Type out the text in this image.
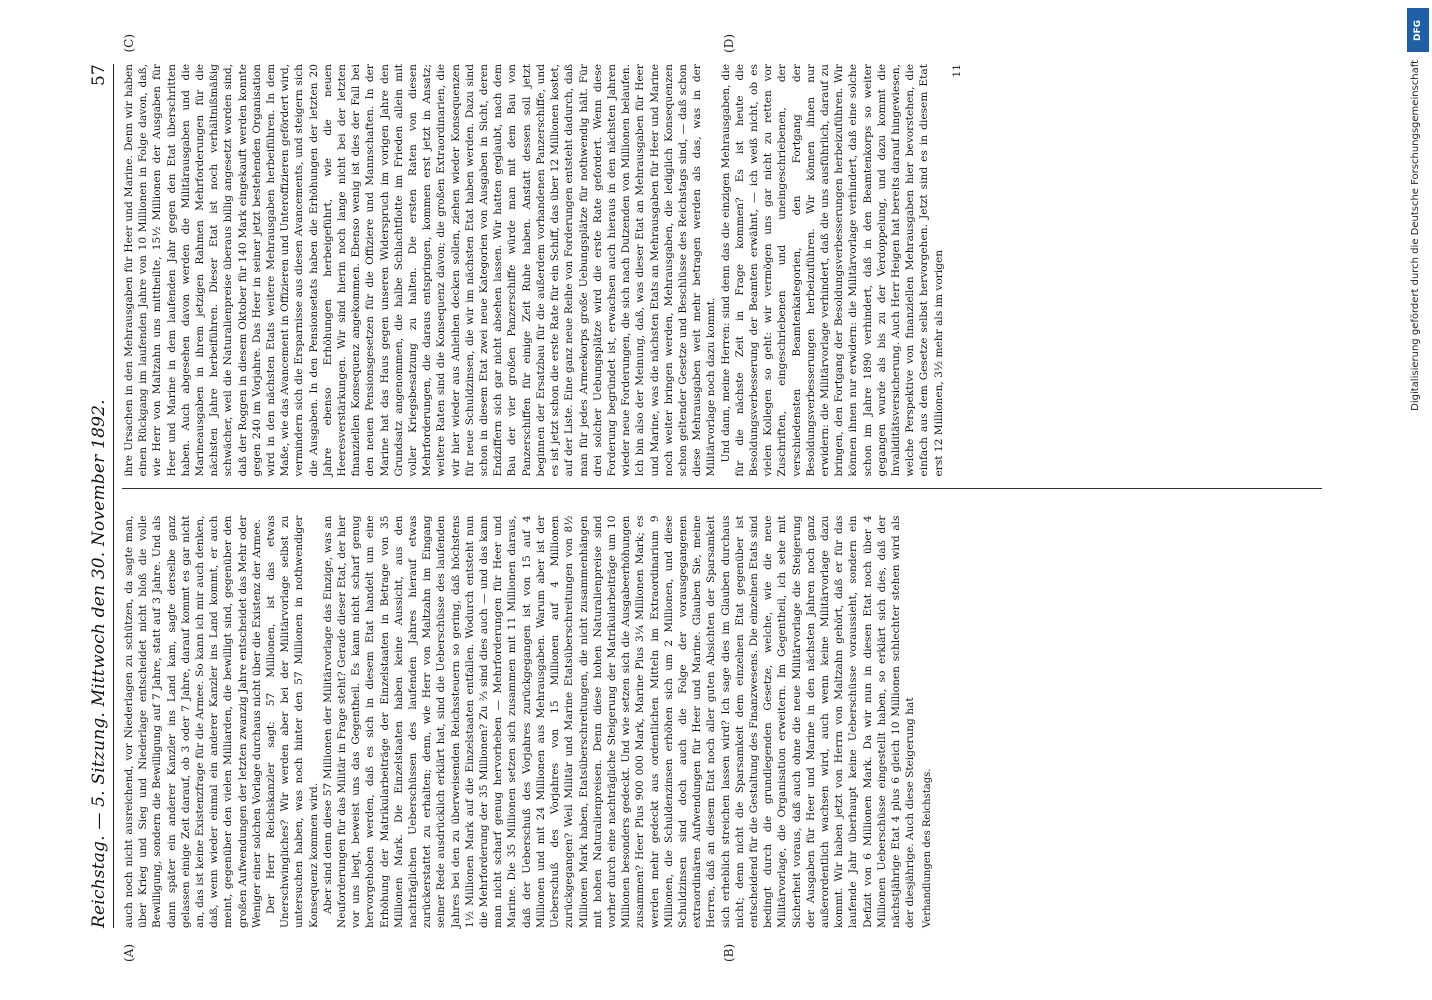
Reichstag. — 5. Sitzung. Mittwoch den 30. November 1892.
57
(A)	(B)

auch noch nicht ausreichend, vor Niederlagen zu schützen, da sagte man, über Krieg und Sieg und Niederlage entscheidet nicht bloß die volle Bewilligung, sondern die Bewilligung auf 7 Jahre, statt auf 3 Jahre. Und als dann später ein anderer Kanzler ins Land kam, sagte derselbe ganz gelassen einige Zeit darauf, ob 3 oder 7 Jahre, darauf kommt es gar nicht an, das ist keine Existenzfrage für die Armee. So kann ich mir auch denken, daß, wenn wieder einmal ein anderer Kanzler ins Land kommt, er auch meint, gegenüber den vielen Milliarden, die bewilligt sind, gegenüber den großen Aufwendungen der letzten zwanzig Jahre entscheidet das Mehr oder Weniger einer solchen Vorlage durchaus nicht über die Existenz der Armee. Der Herr Reichskanzler sagt: 57 Millionen, ist das etwas Unerschwingliches? Wir werden aber bei der Militärvorlage selbst zu untersuchen haben, was noch hinter den 57 Millionen in nothwendiger Konsequenz kommen wird. Aber sind denn diese 57 Millionen der Militärvorlage das Einzige, was an Neuforderungen für das Militär in Frage steht? Gerade dieser Etat, der hier vor uns liegt, beweist uns das Gegentheil. Es kann nicht scharf genug hervorgehoben werden, daß es sich in diesem Etat handelt um eine Erhöhung der Matrikularbeiträge der Einzelstaaten in Betrage von 35 Millionen Mark. Die Einzelstaaten haben keine Aussicht, aus den nachträglichen Ueberschüssen des laufenden Jahres hierauf etwas zurückerstattet zu erhalten; denn, wie Herr von Maltzahn im Eingang seiner Rede ausdrücklich erklärt hat, sind die Ueberschüsse des laufenden Jahres bei den zu überweisenden Reichssteuern so gering, daß höchstens 1½ Millionen Mark auf die Einzelstaaten entfallen. Wodurch entsteht nun die Mehrforderung der 35 Millionen? Zu ⅔ sind dies auch — und das kann man nicht scharf genug hervorheben — Mehrforderungen für Heer und Marine. Die 35 Millionen setzen sich zusammen mit 11 Millionen daraus, daß der Ueberschuß des Vorjahres zurückgegangen ist von 15 auf 4 Millionen und mit 24 Millionen aus Mehrausgaben. Warum aber ist der Ueberschuß des Vorjahres von 15 Millionen auf 4 Millionen zurückgegangen? Weil Militär und Marine Etatsüberschreitungen von 8½ Millionen Mark haben, Etatsüberschreitungen, die nicht zusammenhängen mit hohen Naturalienpreisen. Denn diese hohen Naturalienpreise sind vorher durch eine nachträgliche Steigerung der Matrikularbeiträge um 10 Millionen besonders gedeckt. Und wie setzen sich die Ausgabeerhöhungen zusammen? Heer Plus 900 000 Mark, Marine Plus 3¼ Millionen Mark; es werden mehr gedeckt aus ordentlichen Mitteln im Extraordinarium 9 Millionen, die Schuldenzinsen erhöhen sich um 2 Millionen, und diese Schuldzinsen sind doch auch die Folge der vorausgegangenen extraordinären Aufwendungen für Heer und Marine. Glauben Sie, meine Herren, daß an diesem Etat noch aller guten Absichten der Sparsamkeit sich erheblich streichen lassen wird? Ich sage dies im Glauben durchaus nicht; denn nicht die Sparsamkeit dem einzelnen Etat gegenüber ist entscheidend für die Gestaltung des Finanzwesens. Die einzelnen Etats sind bedingt durch die grundlegenden Gesetze, welche, wie die neue Militärvorlage, die Organisation erweitern. Im Gegentheil, ich sehe mit Sicherheit voraus, daß auch ohne die neue Militärvorlage die Steigerung der Ausgaben für Heer und Marine in den nächsten Jahren noch ganz außerordentlich wachsen wird, auch wenn keine Militärvorlage dazu kommt. Wir haben jetzt von Herrn von Maltzahn gehört, daß er für das laufende Jahr überhaupt keine Ueberschüsse voraussieht, sondern ein Defizit von 6 Millionen Mark. Da wir nun in diesen Etat noch über 4 Millionen Ueberschüsse eingestellt haben, so erklärt sich dies, daß der nächstjährige Etat 4 plus 6 gleich 10 Millionen schlechter stehen wird als der diesjährige. Auch diese Steigerung hat Verhandlungen des Reichstags.

(C)	(D)

ihre Ursachen in den Mehrausgaben für Heer und Marine. Denn wir haben einen Rückgang im laufenden Jahre von 10 Millionen in Folge davon, daß, wie Herr von Maltzahn uns mittheilte, 15½ Millionen der Ausgaben für Heer und Marine in dem laufenden Jahr gegen den Etat überschritten haben. Auch abgesehen davon werden die Militärausgaben und die Marineausgaben in ihrem jetzigen Rahmen Mehrforderungen für die nächsten Jahre herbeiführen. Dieser Etat ist noch verhältnißmäßig schwächer, weil die Naturalienpreise überaus billig angesetzt worden sind, daß der Roggen in diesem Oktober für 140 Mark eingekauft werden konnte gegen 240 im Vorjahre. Das Heer in seiner jetzt bestehenden Organisation wird in den nächsten Etats weitere Mehrausgaben herbeiführen. In dem Maße, wie das Avancement in Offizieren und Unteroffizieren gefördert wird, vermindern sich die Ersparnisse aus diesen Avancements, und steigern sich die Ausgaben. In den Pensionsetats haben die Erhöhungen der letzten 20 Jahre ebenso Erhöhungen herbeigeführt, wie die neuen Heeresverstärkungen. Wir sind hierin noch lange nicht bei der letzten finanziellen Konsequenz angekommen. Ebenso wenig ist dies der Fall bei den neuen Pensionsgesetzen für die Offiziere und Mannschaften. In der Marine hat das Haus gegen unseren Widerspruch im vorigen Jahre den Grundsatz angenommen, die halbe Schlachtflotte im Frieden allein mit voller Kriegsbesatzung zu halten. Die ersten Raten von diesen Mehrforderungen, die daraus entspringen, kommen erst jetzt in Ansatz; weitere Raten sind die Konsequenz davon; die großen Extraordinarien, die wir hier wieder aus Anleihen decken sollen, ziehen wieder Konsequenzen für neue Schuldzinsen, die wir im nächsten Etat haben werden. Dazu sind schon in diesem Etat zwei neue Kategorien von Ausgaben in Sicht, deren Endziffern sich gar nicht absehen lassen. Wir hatten geglaubt, nach dem Bau der vier großen Panzerschiffe würde man mit dem Bau von Panzerschiffen für einige Zeit Ruhe haben. Anstatt dessen soll jetzt beginnen der Ersatzbau für die außerdem vorhandenen Panzerschiffe, und es ist jetzt schon die erste Rate für ein Schiff, das über 12 Millionen kostet, auf der Liste. Eine ganz neue Reihe von Forderungen entsteht dadurch, daß man für jedes Armeekorps große Uebungsplätze für nothwendig hält. Für drei solcher Uebungsplätze wird die erste Rate gefordert. Wenn diese Forderung begründet ist, erwachsen auch hieraus in den nächsten Jahren wieder neue Forderungen, die sich nach Dutzenden von Millionen belaufen. Ich bin also der Meinung, daß, was dieser Etat an Mehrausgaben für Heer und Marine, was die nächsten Etats an Mehrausgaben für Heer und Marine noch weiter bringen werden, Mehrausgaben, die lediglich Konsequenzen schon geltender Gesetze und Beschlüsse des Reichstags sind, — daß schon diese Mehrausgaben weit mehr betragen werden als das, was in der Militärvorlage noch dazu kommt. Und dann, meine Herren: sind denn das die einzigen Mehrausgaben, die für die nächste Zeit in Frage kommen? Es ist heute die Besoldungsverbesserung der Beamten erwähnt, — ich weiß nicht, ob es vielen Kollegen so geht: wir vermögen uns gar nicht zu retten vor Zuschriften, eingeschriebenen und uneingeschriebenen, der verschiedensten Beamtenkategorien, den Fortgang der Besoldungsverbesserungen herbeizuführen. Wir können ihnen nur erwidern: die Militärvorlage verhindert, daß die uns ausführlich, darauf zu bringen, den Fortgang der Besoldungsverbesserungen herbeizuführen. Wir können ihnen nur erwidern: die Militärvorlage verhindert, daß eine solche schon im Jahre 1890 verhindert, daß in den Beamtenkorps so weiter gegangen wurde als bis zu der Verdoppelung, und dazu kommt die Invaliditätsversicherung. Auch Herr Heigen hat bereits darauf hingewiesen, welche Perspektive von finanziellen Mehrausgaben hier bevorstehen, die einfach aus dem Gesetze selbst hervorgehen. Jetzt sind es in diesem Etat erst 12 Millionen, 3½ mehr als im vorigen

11

DFG
Digitalisierung gefördert durch die Deutsche Forschungsgemeinschaft
